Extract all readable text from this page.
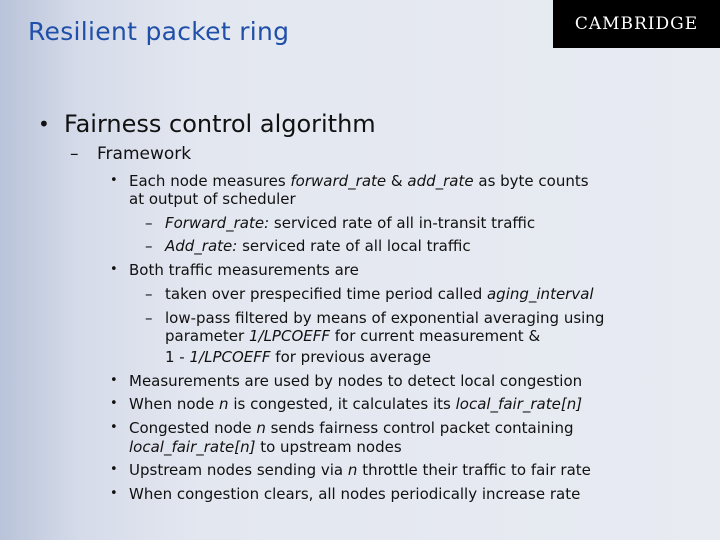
Resilient packet ring	CAMBRIDGE
• Fairness control algorithm
– Framework
• Each node measures forward_rate & add_rate as byte counts
at output of scheduler
– Forward_rate: serviced rate of all in-transit traffic
– Add_rate: serviced rate of all local traffic
• Both traffic measurements are
– taken over prespecified time period called aging_interval
– low-pass filtered by means of exponential averaging using
parameter 1/LPCOEFF for current measurement &
1 - 1/LPCOEFF for previous average
• Measurements are used by nodes to detect local congestion
• When node n is congested, it calculates its local_fair_rate[n]
• Congested node n sends fairness control packet containing
local_fair_rate[n] to upstream nodes
• Upstream nodes sending via n throttle their traffic to fair rate
• When congestion clears, all nodes periodically increase rate
